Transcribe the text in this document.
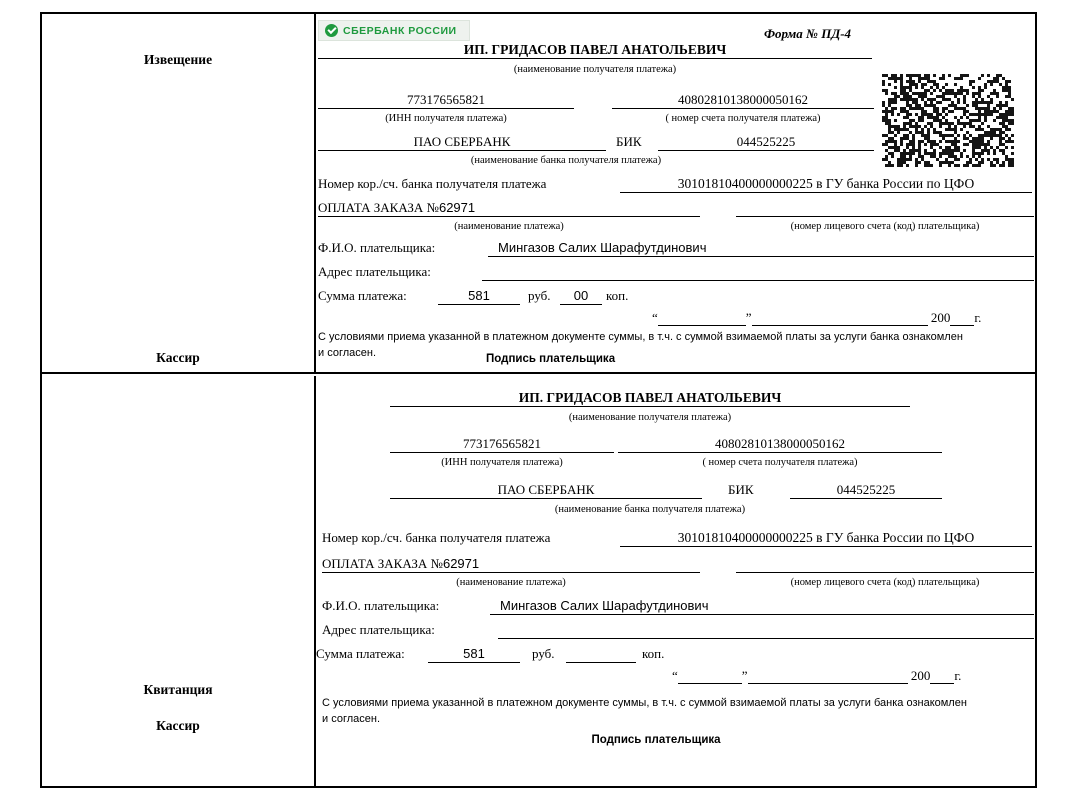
Извещение
Кассир
СБЕРБАНК РОССИИ	Форма № ПД-4
ИП. ГРИДАСОВ ПАВЕЛ АНАТОЛЬЕВИЧ
(наименование получателя платежа)
773176565821	40802810138000050162
(ИНН получателя платежа)	( номер счета получателя платежа)
ПАО СБЕРБАНК	БИК	044525225
(наименование банка получателя платежа)
Номер кор./сч. банка получателя платежа	30101810400000000225 в ГУ банка России по ЦФО
ОПЛАТА ЗАКАЗА №62971
(наименование платежа)	(номер лицевого счета (код) плательщика)
Ф.И.О. плательщика:	Мингазов Салих Шарафутдинович
Адрес плательщика:
Сумма платежа:	581	руб.	00	коп.
“	”	200 г.
С условиями приема указанной в платежном документе суммы, в т.ч. с суммой взимаемой платы за услуги банка ознакомлен и согласен.
Подпись плательщика
Квитанция
Кассир
ИП. ГРИДАСОВ ПАВЕЛ АНАТОЛЬЕВИЧ
(наименование получателя платежа)
773176565821	40802810138000050162
(ИНН получателя платежа)	( номер счета получателя платежа)
ПАО СБЕРБАНК	БИК	044525225
(наименование банка получателя платежа)
Номер кор./сч. банка получателя платежа	30101810400000000225 в ГУ банка России по ЦФО
ОПЛАТА ЗАКАЗА №62971
(наименование платежа)	(номер лицевого счета (код) плательщика)
Ф.И.О. плательщика:	Мингазов Салих Шарафутдинович
Адрес плательщика:
Сумма платежа:	581	руб.	коп.
“	”	200 г.
С условиями приема указанной в платежном документе суммы, в т.ч. с суммой взимаемой платы за услуги банка ознакомлен и согласен.
Подпись плательщика
